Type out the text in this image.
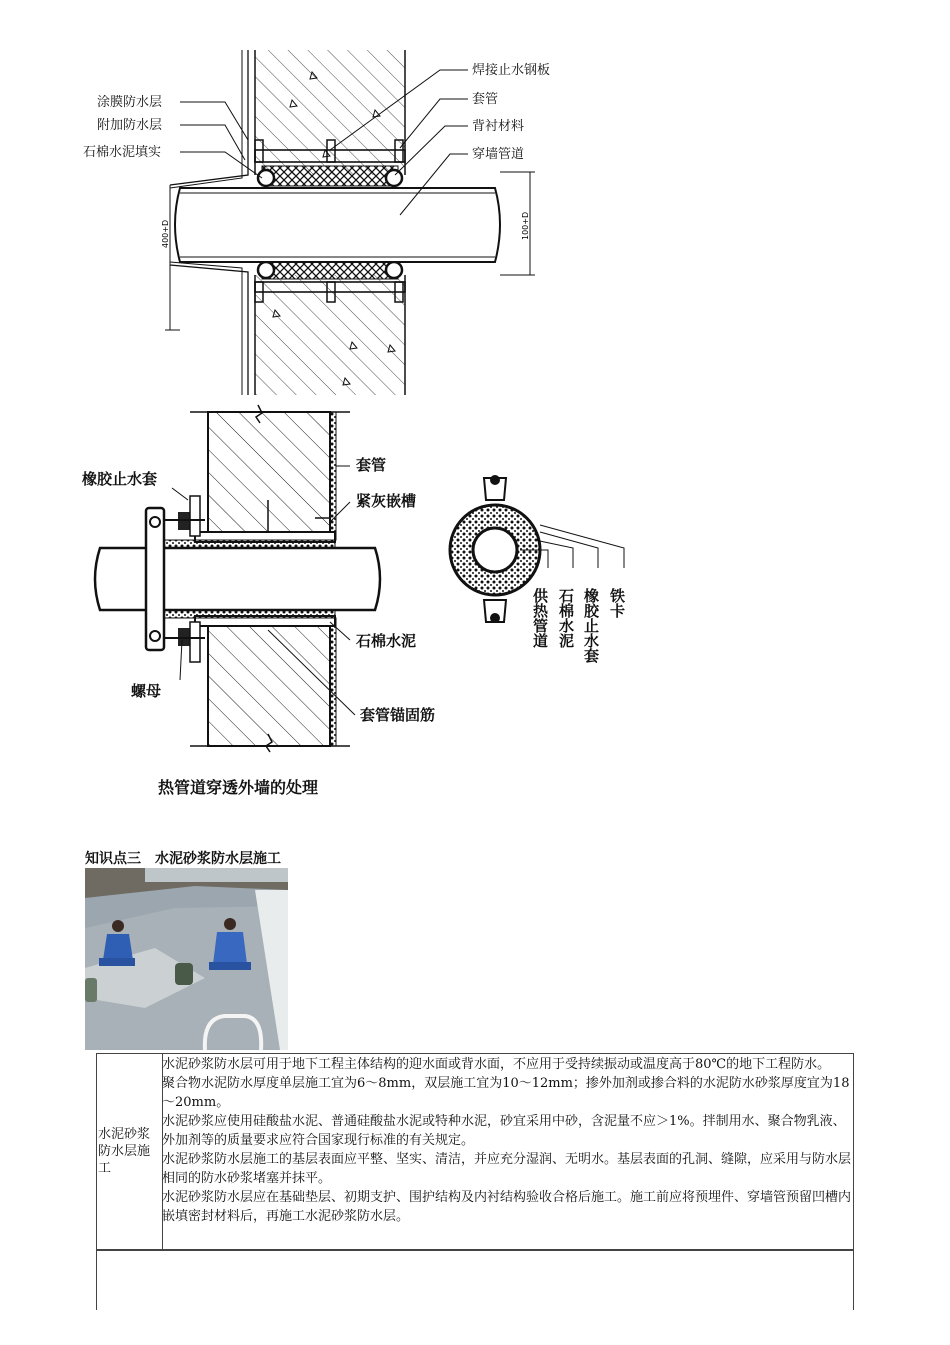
400+D	100+D
涂膜防水层
附加防水层
石棉水泥填实
焊接止水钢板
套管
背衬材料
穿墙管道
橡胶止水套
套管
紧灰嵌槽
石棉水泥
螺母
套管锚固筋
热管道穿透外墙的处理
供热管道 石棉水泥 橡胶止水套 铁卡
知识点三　水泥砂浆防水层施工
水泥砂浆防水层施工

水泥砂浆防水层可用于地下工程主体结构的迎水面或背水面，不应用于受持续振动或温度高于80℃的地下工程防水。

聚合物水泥防水厚度单层施工宜为6～8mm，双层施工宜为10～12mm；掺外加剂或掺合料的水泥防水砂浆厚度宜为18～20mm。

水泥砂浆应使用硅酸盐水泥、普通硅酸盐水泥或特种水泥，砂宜采用中砂，含泥量不应＞1%。拌制用水、聚合物乳液、外加剂等的质量要求应符合国家现行标准的有关规定。

水泥砂浆防水层施工的基层表面应平整、坚实、清洁，并应充分湿润、无明水。基层表面的孔洞、缝隙，应采用与防水层相同的防水砂浆堵塞并抹平。

水泥砂浆防水层应在基础垫层、初期支护、围护结构及内衬结构验收合格后施工。施工前应将预埋件、穿墙管预留凹槽内嵌填密封材料后，再施工水泥砂浆防水层。
